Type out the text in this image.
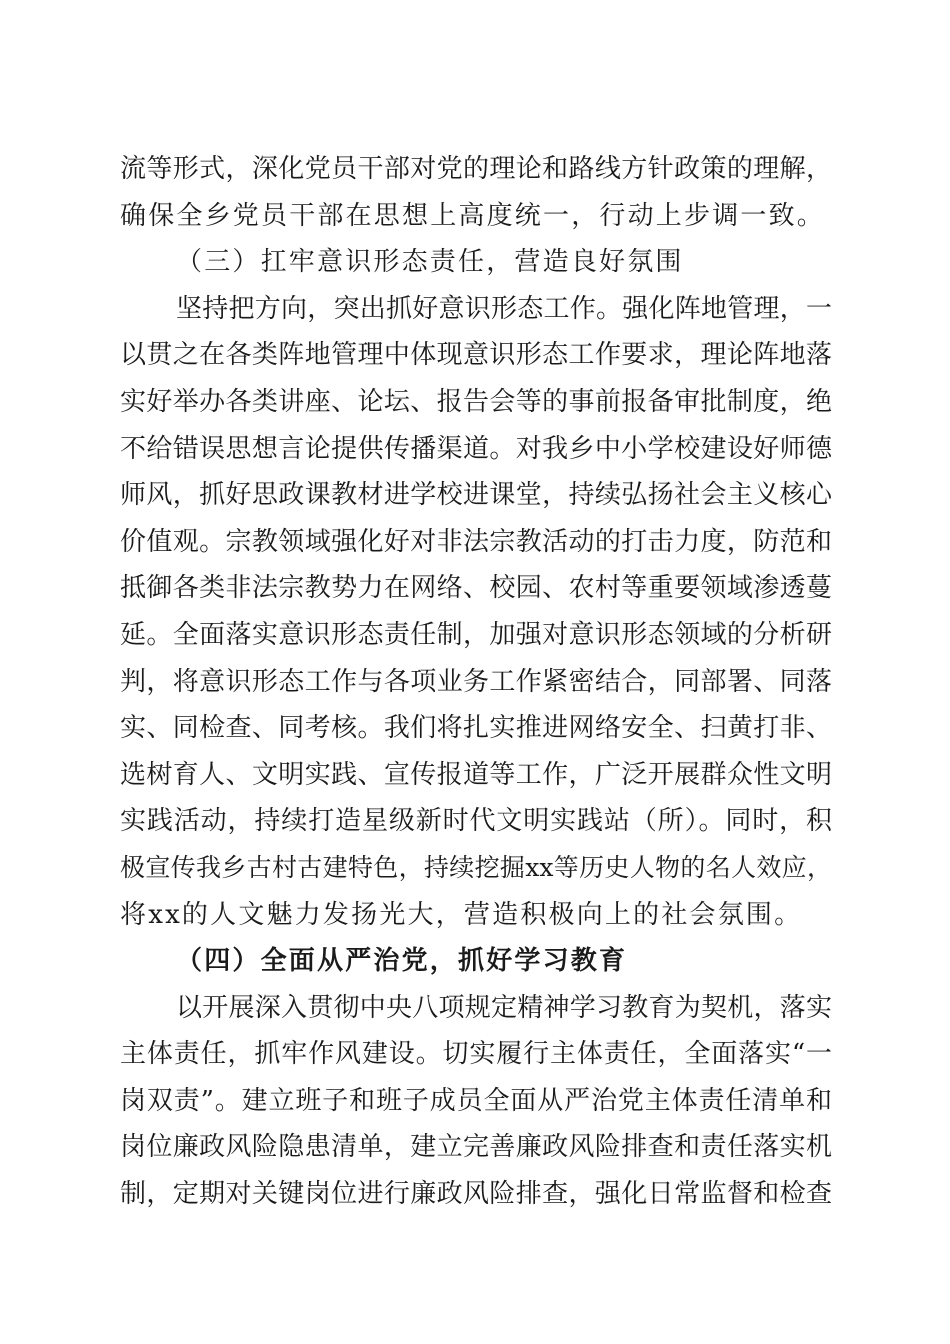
流等形式，深化党员干部对党的理论和路线方针政策的理解，
确保全乡党员干部在思想上高度统一，行动上步调一致。
（三）扛牢意识形态责任，营造良好氛围
坚持把方向，突出抓好意识形态工作。强化阵地管理，一
以贯之在各类阵地管理中体现意识形态工作要求，理论阵地落
实好举办各类讲座、论坛、报告会等的事前报备审批制度，绝
不给错误思想言论提供传播渠道。对我乡中小学校建设好师德
师风，抓好思政课教材进学校进课堂，持续弘扬社会主义核心
价值观。宗教领域强化好对非法宗教活动的打击力度，防范和
抵御各类非法宗教势力在网络、校园、农村等重要领域渗透蔓
延。全面落实意识形态责任制，加强对意识形态领域的分析研
判，将意识形态工作与各项业务工作紧密结合，同部署、同落
实、同检查、同考核。我们将扎实推进网络安全、扫黄打非、
选树育人、文明实践、宣传报道等工作，广泛开展群众性文明
实践活动，持续打造星级新时代文明实践站（所）。同时，积
极宣传我乡古村古建特色，持续挖掘xx等历史人物的名人效应，
将xx的人文魅力发扬光大，营造积极向上的社会氛围。
（四）全面从严治党，抓好学习教育
以开展深入贯彻中央八项规定精神学习教育为契机，落实
主体责任，抓牢作风建设。切实履行主体责任，全面落实“一
岗双责”。建立班子和班子成员全面从严治党主体责任清单和
岗位廉政风险隐患清单，建立完善廉政风险排查和责任落实机
制，定期对关键岗位进行廉政风险排查，强化日常监督和检查
